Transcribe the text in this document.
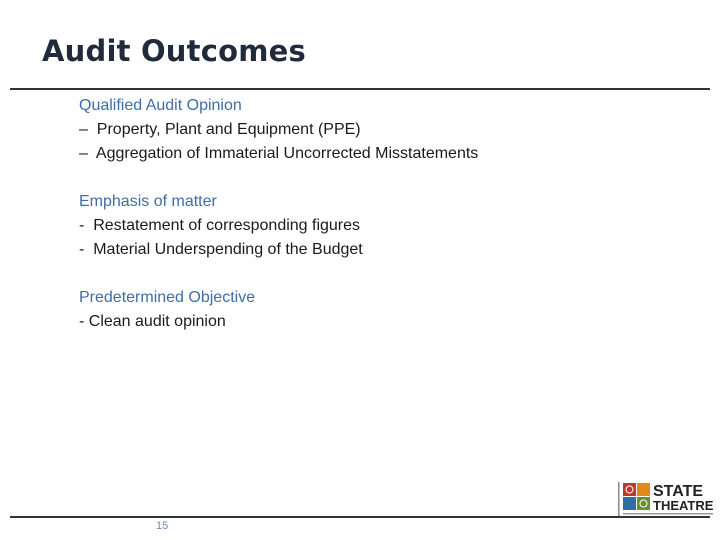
Audit Outcomes
Qualified Audit Opinion
–  Property, Plant and Equipment (PPE)
–  Aggregation of Immaterial Uncorrected Misstatements
Emphasis of matter
-  Restatement of corresponding figures
-  Material Underspending of the Budget
Predetermined Objective
- Clean audit opinion
STATE
THEATRE
15
